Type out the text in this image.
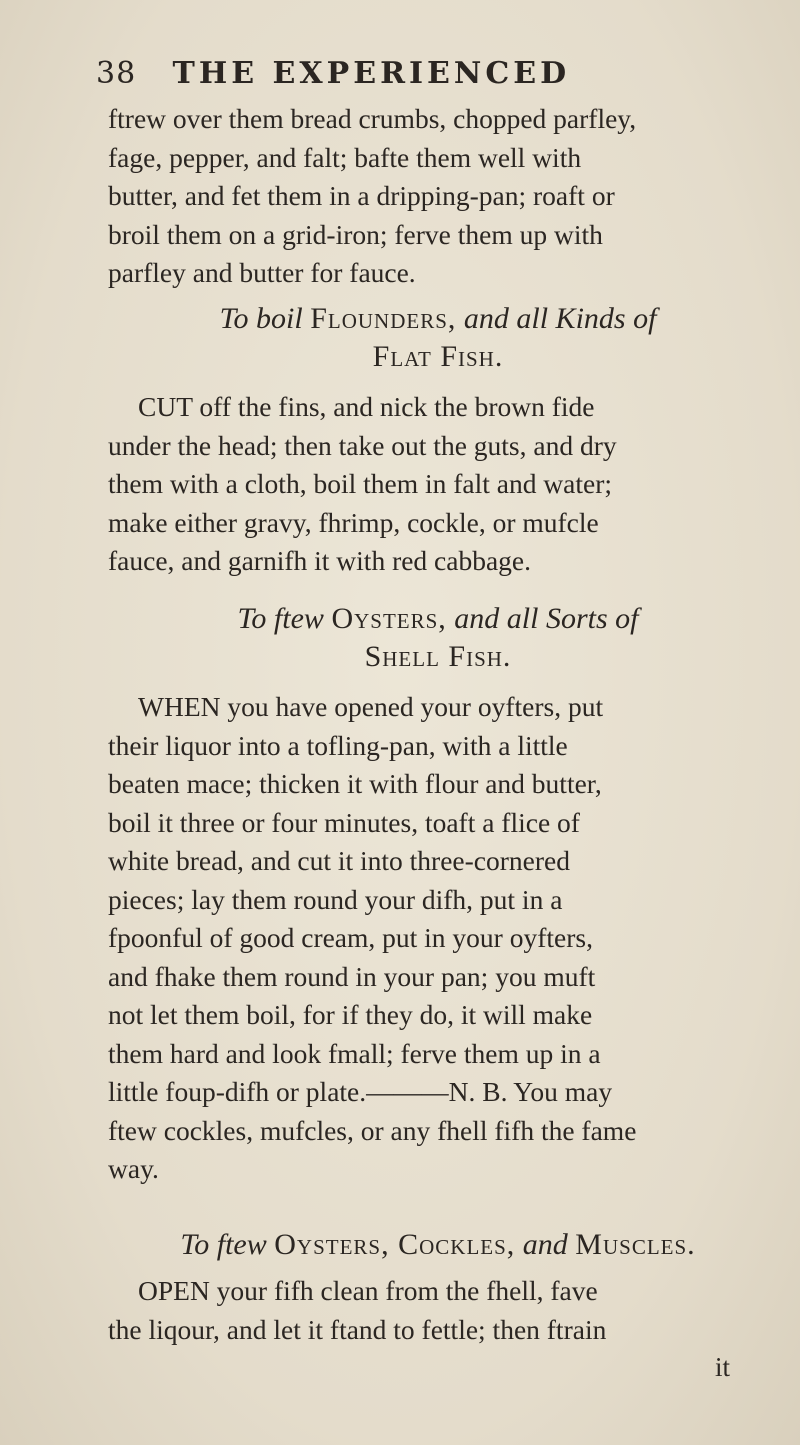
38 THE EXPERIENCED
ftrew over them bread crumbs, chopped parfley,
fage, pepper, and falt; bafte them well with
butter, and fet them in a dripping-pan; roaft or
broil them on a grid-iron; ferve them up with
parfley and butter for fauce.
To boil Flounders, and all Kinds of
Flat Fish.
CUT off the fins, and nick the brown fide
under the head; then take out the guts, and dry
them with a cloth, boil them in falt and water;
make either gravy, fhrimp, cockle, or mufcle
fauce, and garnifh it with red cabbage.
To ftew Oysters, and all Sorts of
Shell Fish.
WHEN you have opened your oyfters, put
their liquor into a tofling-pan, with a little
beaten mace; thicken it with flour and butter,
boil it three or four minutes, toaft a flice of
white bread, and cut it into three-cornered
pieces; lay them round your difh, put in a
fpoonful of good cream, put in your oyfters,
and fhake them round in your pan; you muft
not let them boil, for if they do, it will make
them hard and look fmall; ferve them up in a
little foup-difh or plate.———N. B. You may
ftew cockles, mufcles, or any fhell fifh the fame
way.
To ftew Oysters, Cockles, and Muscles.
OPEN your fifh clean from the fhell, fave
the liqour, and let it ftand to fettle; then ftrain
it
